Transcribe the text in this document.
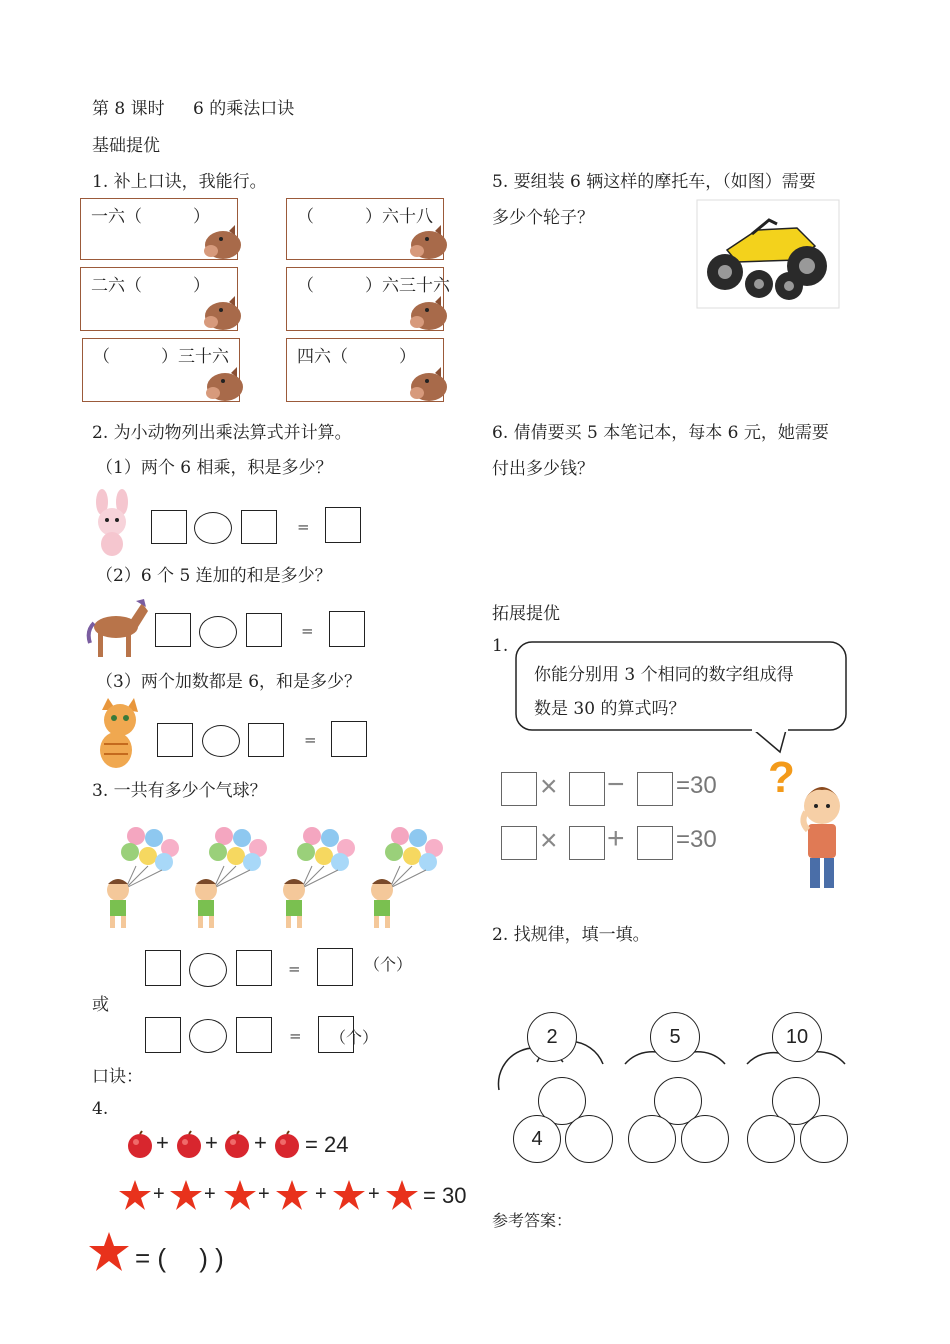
第 8 课时 6 的乘法口诀
基础提优
1. 补上口诀，我能行。
一六（　　　）	（　　　）六十八
二六（　　　）	（　　　）六三十六
（　　　）三十六	四六（　　　）
2. 为小动物列出乘法算式并计算。
（1）两个 6 相乘，积是多少？
=
（2）6 个 5 连加的和是多少？
=
（3）两个加数都是 6，和是多少？
=
3. 一共有多少个气球？
=	（个）
或
= （个）
口诀：
4.
+ + + = 24
+ + + + + = 30
= (　 ) )
5. 要组装 6 辆这样的摩托车，（如图）需要
多少个轮子？
6. 倩倩要买 5 本笔记本，每本 6 元，她需要
付出多少钱？
拓展提优
1.
你能分别用 3 个相同的数字组成得
数是 30 的算式吗？
× − =30
× + =30
?
2. 找规律，填一填。
2	5	10
4
参考答案：
